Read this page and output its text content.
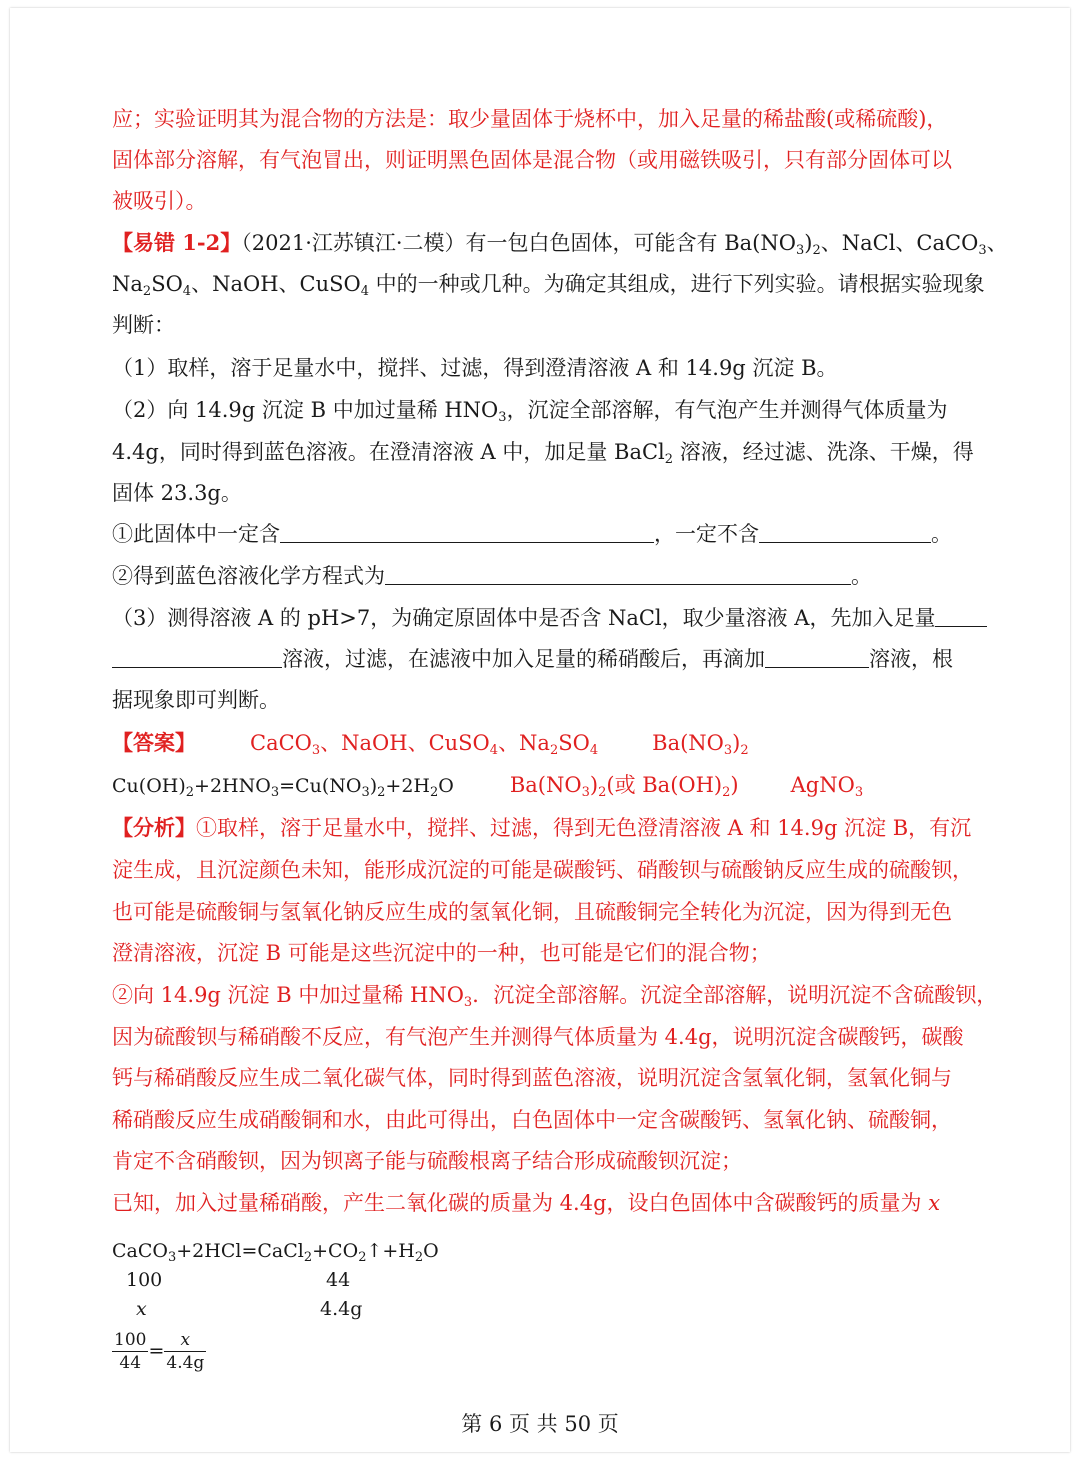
应；实验证明其为混合物的方法是：取少量固体于烧杯中，加入足量的稀盐酸(或稀硫酸)，
固体部分溶解，有气泡冒出，则证明黑色固体是混合物（或用磁铁吸引，只有部分固体可以
被吸引）。
【易错 1-2】（2021·江苏镇江·二模）有一包白色固体，可能含有 $Ba(NO_3)_2$、NaCl、CaCO$_3$、
$Na_2SO_4$、NaOH、CuSO$_4$ 中的一种或几种。为确定其组成，进行下列实验。请根据实验现象
判断：
（1）取样，溶于足量水中，搅拌、过滤，得到澄清溶液 A 和 14.9g 沉淀 B。
（2）向 14.9g 沉淀 B 中加过量稀 $HNO_3$，沉淀全部溶解，有气泡产生并测得气体质量为
4.4g，同时得到蓝色溶液。在澄清溶液 A 中，加足量 BaCl$_2$ 溶液，经过滤、洗涤、干燥，得
固体 23.3g。
①此固体中一定含	，一定不含	。
②得到蓝色溶液化学方程式为	。
（3）测得溶液 A 的 pH>7，为确定原固体中是否含 NaCl，取少量溶液 A，先加入足量
溶液，过滤，在滤液中加入足量的稀硝酸后，再滴加	溶液，根
据现象即可判断。
【答案】	CaCO$_3$、NaOH、CuSO$_4$、$Na_2SO_4$	$Ba(NO_3)_2$
$Cu(OH)_2+2HNO_3=Cu(NO_3)_2+2H_2O$	$Ba(NO_3)_2$(或 $Ba(OH)_2$) AgNO$_3$
【分析】①取样，溶于足量水中，搅拌、过滤，得到无色澄清溶液 A 和 14.9g 沉淀 B，有沉
淀生成，且沉淀颜色未知，能形成沉淀的可能是碳酸钙、硝酸钡与硫酸钠反应生成的硫酸钡，
也可能是硫酸铜与氢氧化钠反应生成的氢氧化铜，且硫酸铜完全转化为沉淀，因为得到无色
澄清溶液，沉淀 B 可能是这些沉淀中的一种，也可能是它们的混合物；
②向 14.9g 沉淀 B 中加过量稀 $HNO_3$．沉淀全部溶解。沉淀全部溶解，说明沉淀不含硫酸钡，
因为硫酸钡与稀硝酸不反应，有气泡产生并测得气体质量为 4.4g，说明沉淀含碳酸钙，碳酸
钙与稀硝酸反应生成二氧化碳气体，同时得到蓝色溶液，说明沉淀含氢氧化铜，氢氧化铜与
稀硝酸反应生成硝酸铜和水，由此可得出，白色固体中一定含碳酸钙、氢氧化钠、硫酸铜，
肯定不含硝酸钡，因为钡离子能与硫酸根离子结合形成硫酸钡沉淀；
已知，加入过量稀硝酸，产生二氧化碳的质量为 4.4g，设白色固体中含碳酸钙的质量为 x
$CaCO_3+2HCl=CaCl_2+CO_2↑+H_2O$
100	44
x	4.4g
$\frac{100}{44} = \frac{x}{4.4g}$
第 6 页 共 50 页
